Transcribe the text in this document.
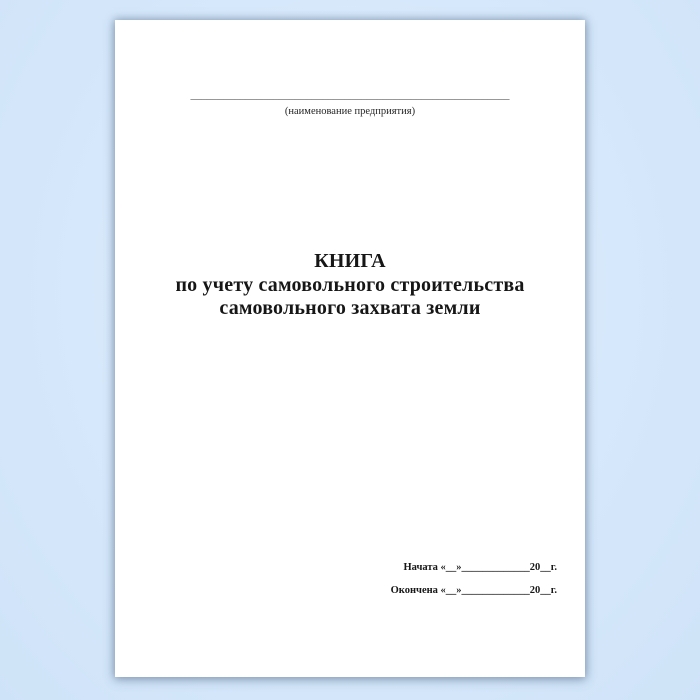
__________________________________________________________
(наименование предприятия)
КНИГА
по учету самовольного строительства
самовольного захвата земли
Начата «__»_____________20__г.
Окончена «__»_____________20__г.
